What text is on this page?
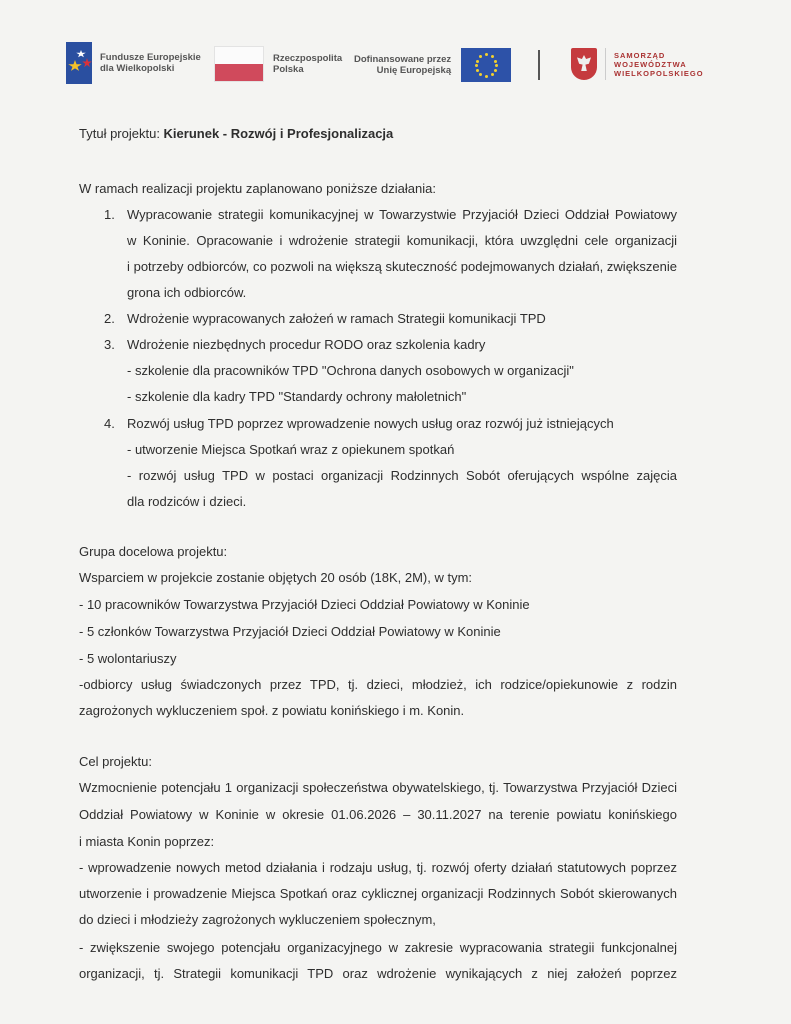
Fundusze Europejskie
dla Wielkopolski
Rzeczpospolita
Polska
Dofinansowane przez
Unię Europejską
SAMORZĄD
WOJEWÓDZTWA
WIELKOPOLSKIEGO
Tytuł projektu: Kierunek - Rozwój i Profesjonalizacja
W ramach realizacji projektu zaplanowano poniższe działania:
1. Wypracowanie strategii komunikacyjnej w Towarzystwie Przyjaciół Dzieci Oddział Powiatowy
w Koninie. Opracowanie i wdrożenie strategii komunikacji, która uwzględni cele organizacji
i potrzeby odbiorców, co pozwoli na większą skuteczność podejmowanych działań, zwiększenie
grona ich odbiorców.
2. Wdrożenie wypracowanych założeń w ramach Strategii komunikacji TPD
3. Wdrożenie niezbędnych procedur RODO oraz szkolenia kadry
- szkolenie dla pracowników TPD "Ochrona danych osobowych w organizacji"
- szkolenie dla kadry TPD "Standardy ochrony małoletnich"
4. Rozwój usług TPD poprzez wprowadzenie nowych usług oraz rozwój już istniejących
- utworzenie Miejsca Spotkań wraz z opiekunem spotkań
- rozwój usług TPD w postaci organizacji Rodzinnych Sobót oferujących wspólne zajęcia
dla rodziców i dzieci.
Grupa docelowa projektu:
Wsparciem w projekcie zostanie objętych 20 osób (18K, 2M), w tym:
- 10 pracowników Towarzystwa Przyjaciół Dzieci Oddział Powiatowy w Koninie
- 5 członków Towarzystwa Przyjaciół Dzieci Oddział Powiatowy w Koninie
- 5 wolontariuszy
-odbiorcy usług świadczonych przez TPD, tj. dzieci, młodzież, ich rodzice/opiekunowie z rodzin
zagrożonych wykluczeniem społ. z powiatu konińskiego i m. Konin.
Cel projektu:
Wzmocnienie potencjału 1 organizacji społeczeństwa obywatelskiego, tj. Towarzystwa Przyjaciół Dzieci
Oddział Powiatowy w Koninie w okresie 01.06.2026 – 30.11.2027 na terenie powiatu konińskiego
i miasta Konin poprzez:
- wprowadzenie nowych metod działania i rodzaju usług, tj. rozwój oferty działań statutowych poprzez
utworzenie i prowadzenie Miejsca Spotkań oraz cyklicznej organizacji Rodzinnych Sobót skierowanych
do dzieci i młodzieży zagrożonych wykluczeniem społecznym,
- zwiększenie swojego potencjału organizacyjnego w zakresie wypracowania strategii funkcjonalnej
organizacji, tj. Strategii komunikacji TPD oraz wdrożenie wynikających z niej założeń poprzez
